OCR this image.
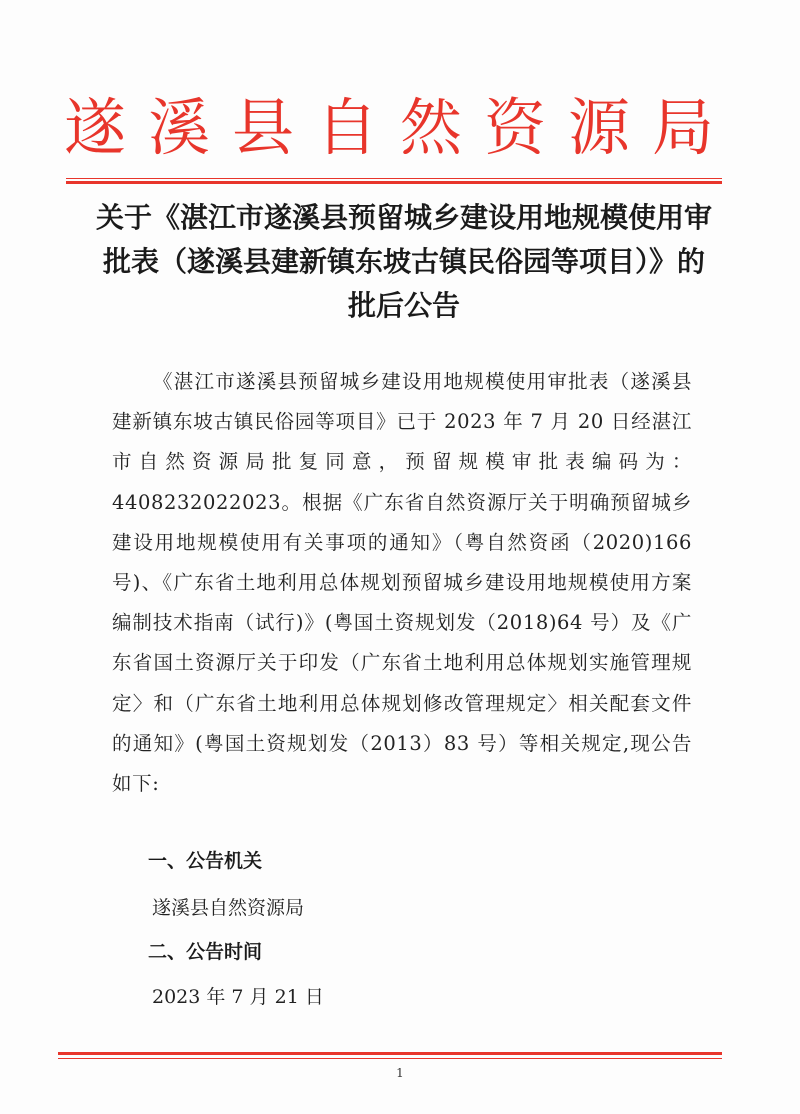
遂溪县自然资源局
关于《湛江市遂溪县预留城乡建设用地规模使用审批表（遂溪县建新镇东坡古镇民俗园等项目）》的批后公告

《湛江市遂溪县预留城乡建设用地规模使用审批表（遂溪县建新镇东坡古镇民俗园等项目》已于 2023 年 7 月 20 日经湛江市自然资源局批复同意，预留规模审批表编码为：4408232022023。根据《广东省自然资源厅关于明确预留城乡建设用地规模使用有关事项的通知》（粤自然资函（2020)166 号)、《广东省土地利用总体规划预留城乡建设用地规模使用方案编制技术指南（试行)》(粤国土资规划发（2018)64 号）及《广东省国土资源厅关于印发（广东省土地利用总体规划实施管理规定〉和（广东省土地利用总体规划修改管理规定〉相关配套文件的通知》(粤国土资规划发（2013）83 号）等相关规定,现公告如下:

一、公告机关
遂溪县自然资源局
二、公告时间
2023 年 7 月 21 日
1
